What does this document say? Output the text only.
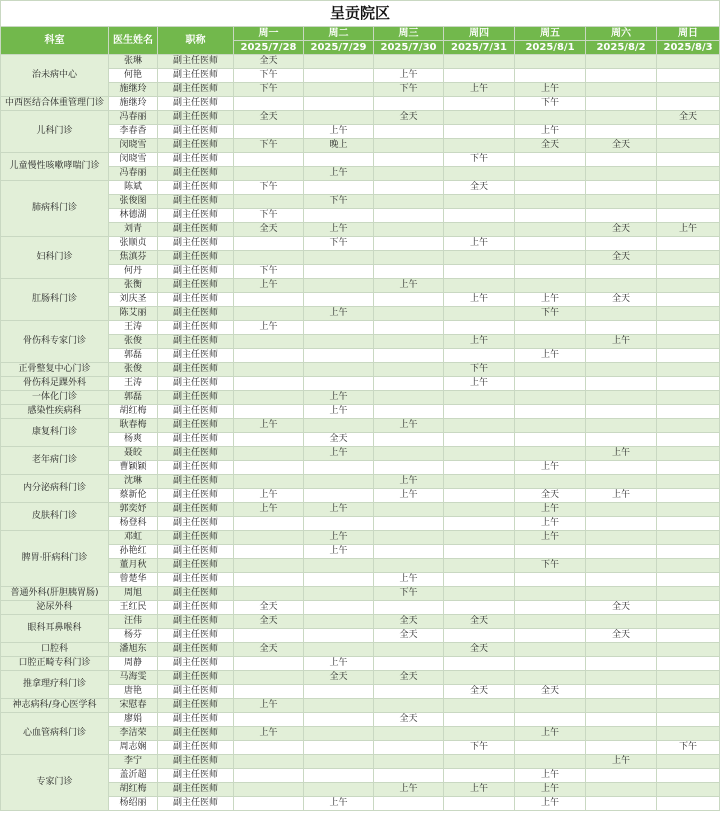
呈贡院区									
科室	医生姓名	职称	周一	周二	周三	周四	周五	周六	周日
			2025/7/28	2025/7/29	2025/7/30	2025/7/31	2025/8/1	2025/8/2	2025/8/3
治未病中心	张琳	副主任医师	全天						
	何艳	副主任医师	下午		上午				
	施继玲	副主任医师	下午		下午	上午	上午		
中西医结合体重管理门诊	施继玲	副主任医师					下午		
儿科门诊	冯春丽	副主任医师	全天		全天				全天
	李春香	副主任医师		上午			上午		
	闵晓雪	副主任医师	下午	晚上			全天	全天	
儿童慢性咳嗽哮喘门诊	闵晓雪	副主任医师				下午			
	冯春丽	副主任医师		上午					
肺病科门诊	陈斌	副主任医师	下午			全天			
	张俊图	副主任医师		下午					
	林德湖	副主任医师	下午						
	刘青	副主任医师	全天	上午				全天	上午
妇科门诊	张顺贞	副主任医师		下午		上午			
	焦滇芬	副主任医师						全天	
	何丹	副主任医师	下午						
肛肠科门诊	张衡	副主任医师	上午		上午				
	刘庆圣	副主任医师				上午	上午	全天	
	陈艾丽	副主任医师		上午			下午		
骨伤科专家门诊	王涛	副主任医师	上午						
	张俊	副主任医师				上午		上午	
	郭磊	副主任医师					上午		
正骨整复中心门诊	张俊	副主任医师				下午			
骨伤科足踝外科	王涛	副主任医师				上午			
一体化门诊	郭磊	副主任医师		上午					
感染性疾病科	胡红梅	副主任医师		上午					
康复科门诊	耿春梅	副主任医师	上午		上午				
	杨爽	副主任医师		全天					
老年病门诊	聂皎	副主任医师		上午				上午	
	曹颖颖	副主任医师					上午		
内分泌病科门诊	沈琳	副主任医师			上午				
	蔡新伦	副主任医师	上午		上午		全天	上午	
皮肤科门诊	郭奕妤	副主任医师	上午	上午			上午		
	杨登科	副主任医师					上午		
脾胃·肝病科门诊	邓虹	副主任医师		上午			上午		
	孙艳红	副主任医师		上午					
	董月秋	副主任医师					下午		
	曾楚华	副主任医师			上午				
普通外科(肝胆胰胃肠)	周旭	副主任医师			下午				
泌尿外科	王红民	副主任医师	全天					全天	
眼科耳鼻喉科	汪伟	副主任医师	全天		全天	全天			
	杨芬	副主任医师			全天			全天	
口腔科	潘旭东	副主任医师	全天			全天			
口腔正畸专科门诊	周静	副主任医师		上午					
推拿理疗科门诊	马海雯	副主任医师		全天	全天				
	唐艳	副主任医师				全天	全天		
神志病科/身心医学科	宋慰春	副主任医师	上午						
心血管病科门诊	廖娟	副主任医师			全天				
	李洁荣	副主任医师	上午				上午		
	周志娴	副主任医师				下午			下午
专家门诊	李宁	副主任医师						上午	
	盖沂超	副主任医师					上午		
	胡红梅	副主任医师			上午	上午	上午		
	杨绍丽	副主任医师		上午			上午		
